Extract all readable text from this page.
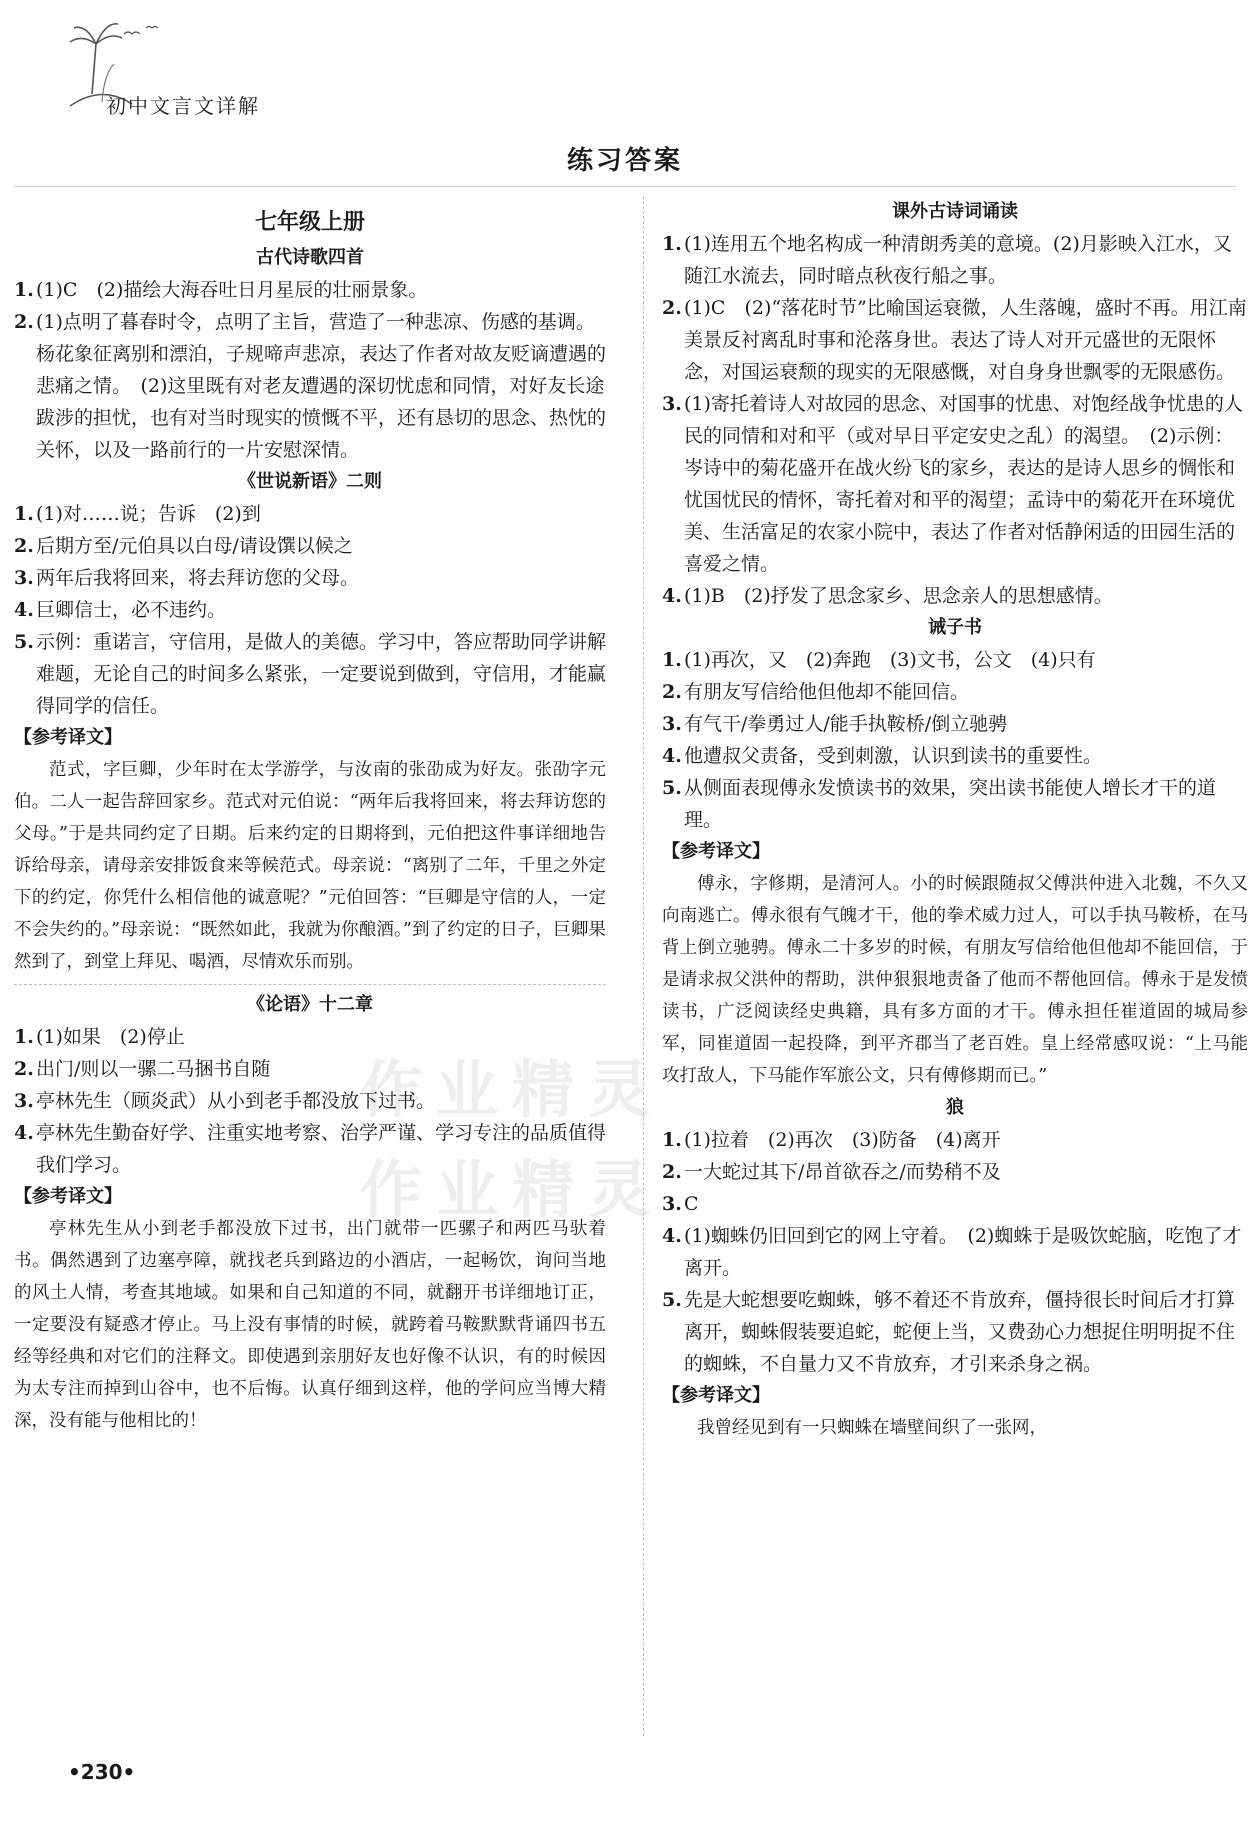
初中文言文详解
练习答案
作业精灵
作业精灵
七年级上册
古代诗歌四首
1. (1)C　(2)描绘大海吞吐日月星辰的壮丽景象。
2. (1)点明了暮春时令，点明了主旨，营造了一种悲凉、伤感的基调。杨花象征离别和漂泊，子规啼声悲凉，表达了作者对故友贬谪遭遇的悲痛之情。　(2)这里既有对老友遭遇的深切忧虑和同情，对好友长途跋涉的担忧，也有对当时现实的愤慨不平，还有恳切的思念、热忱的关怀，以及一路前行的一片安慰深情。
《世说新语》二则
1. (1)对……说；告诉　(2)到
2. 后期方至/元伯具以白母/请设馔以候之
3. 两年后我将回来，将去拜访您的父母。
4. 巨卿信士，必不违约。
5. 示例：重诺言，守信用，是做人的美德。学习中，答应帮助同学讲解难题，无论自己的时间多么紧张，一定要说到做到，守信用，才能赢得同学的信任。
【参考译文】
范式，字巨卿，少年时在太学游学，与汝南的张劭成为好友。张劭字元伯。二人一起告辞回家乡。范式对元伯说：“两年后我将回来，将去拜访您的父母。”于是共同约定了日期。后来约定的日期将到，元伯把这件事详细地告诉给母亲，请母亲安排饭食来等候范式。母亲说：“离别了二年，千里之外定下的约定，你凭什么相信他的诚意呢？”元伯回答：“巨卿是守信的人，一定不会失约的。”母亲说：“既然如此，我就为你酿酒。”到了约定的日子，巨卿果然到了，到堂上拜见、喝酒，尽情欢乐而别。
《论语》十二章
1. (1)如果　(2)停止
2. 出门/则以一骡二马捆书自随
3. 亭林先生（顾炎武）从小到老手都没放下过书。
4. 亭林先生勤奋好学、注重实地考察、治学严谨、学习专注的品质值得我们学习。
【参考译文】
亭林先生从小到老手都没放下过书，出门就带一匹骡子和两匹马驮着书。偶然遇到了边塞亭障，就找老兵到路边的小酒店，一起畅饮，询问当地的风土人情，考查其地域。如果和自己知道的不同，就翻开书详细地订正，一定要没有疑惑才停止。马上没有事情的时候，就跨着马鞍默默背诵四书五经等经典和对它们的注释文。即使遇到亲朋好友也好像不认识，有的时候因为太专注而掉到山谷中，也不后悔。认真仔细到这样，他的学问应当博大精深，没有能与他相比的！
课外古诗词诵读
1. (1)连用五个地名构成一种清朗秀美的意境。(2)月影映入江水，又随江水流去，同时暗点秋夜行船之事。
2. (1)C　(2)“落花时节”比喻国运衰微，人生落魄，盛时不再。用江南美景反衬离乱时事和沦落身世。表达了诗人对开元盛世的无限怀念，对国运衰颓的现实的无限感慨，对自身身世飘零的无限感伤。
3. (1)寄托着诗人对故园的思念、对国事的忧患、对饱经战争忧患的人民的同情和对和平（或对早日平定安史之乱）的渴望。　(2)示例：岑诗中的菊花盛开在战火纷飞的家乡，表达的是诗人思乡的惆怅和忧国忧民的情怀，寄托着对和平的渴望；孟诗中的菊花开在环境优美、生活富足的农家小院中，表达了作者对恬静闲适的田园生活的喜爱之情。
4. (1)B　(2)抒发了思念家乡、思念亲人的思想感情。
诫子书
1. (1)再次，又　(2)奔跑　(3)文书，公文　(4)只有
2. 有朋友写信给他但他却不能回信。
3. 有气干/拳勇过人/能手执鞍桥/倒立驰骋
4. 他遭叔父责备，受到刺激，认识到读书的重要性。
5. 从侧面表现傅永发愤读书的效果，突出读书能使人增长才干的道理。
【参考译文】
傅永，字修期，是清河人。小的时候跟随叔父傅洪仲进入北魏，不久又向南逃亡。傅永很有气魄才干，他的拳术威力过人，可以手执马鞍桥，在马背上倒立驰骋。傅永二十多岁的时候，有朋友写信给他但他却不能回信，于是请求叔父洪仲的帮助，洪仲狠狠地责备了他而不帮他回信。傅永于是发愤读书，广泛阅读经史典籍，具有多方面的才干。傅永担任崔道固的城局参军，同崔道固一起投降，到平齐郡当了老百姓。皇上经常感叹说：“上马能攻打敌人，下马能作军旅公文，只有傅修期而已。”
狼
1. (1)拉着　(2)再次　(3)防备　(4)离开
2. 一大蛇过其下/昂首欲吞之/而势稍不及
3. C
4. (1)蜘蛛仍旧回到它的网上守着。　(2)蜘蛛于是吸饮蛇脑，吃饱了才离开。
5. 先是大蛇想要吃蜘蛛，够不着还不肯放弃，僵持很长时间后才打算离开，蜘蛛假装要追蛇，蛇便上当，又费劲心力想捉住明明捉不住的蜘蛛，不自量力又不肯放弃，才引来杀身之祸。
【参考译文】
我曾经见到有一只蜘蛛在墙壁间织了一张网，
•230•
